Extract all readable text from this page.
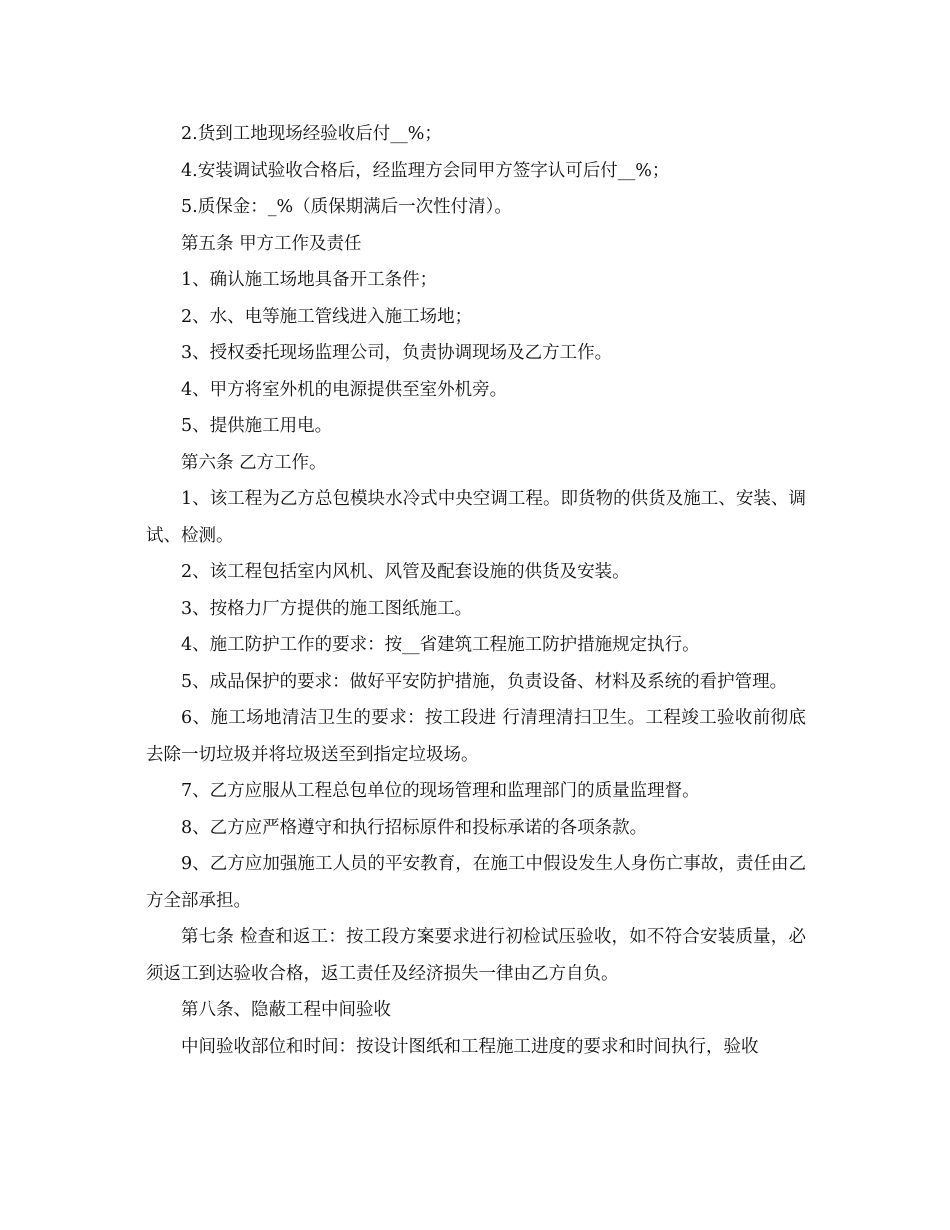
2.货到工地现场经验收后付__%；

4.安装调试验收合格后，经监理方会同甲方签字认可后付__%；

5.质保金：_%（质保期满后一次性付清）。

第五条 甲方工作及责任

1、确认施工场地具备开工条件；

2、水、电等施工管线进入施工场地；

3、授权委托现场监理公司，负责协调现场及乙方工作。

4、甲方将室外机的电源提供至室外机旁。

5、提供施工用电。

第六条 乙方工作。

1、该工程为乙方总包模块水冷式中央空调工程。即货物的供货及施工、安装、调试、检测。

2、该工程包括室内风机、风管及配套设施的供货及安装。

3、按格力厂方提供的施工图纸施工。

4、施工防护工作的要求：按__省建筑工程施工防护措施规定执行。

5、成品保护的要求：做好平安防护措施，负责设备、材料及系统的看护管理。

6、施工场地清洁卫生的要求：按工段进 行清理清扫卫生。工程竣工验收前彻底去除一切垃圾并将垃圾送至到指定垃圾场。

7、乙方应服从工程总包单位的现场管理和监理部门的质量监理督。

8、乙方应严格遵守和执行招标原件和投标承诺的各项条款。

9、乙方应加强施工人员的平安教育，在施工中假设发生人身伤亡事故，责任由乙方全部承担。

第七条 检查和返工：按工段方案要求进行初检试压验收，如不符合安装质量，必须返工到达验收合格，返工责任及经济损失一律由乙方自负。

第八条、隐蔽工程中间验收

中间验收部位和时间：按设计图纸和工程施工进度的要求和时间执行，验收
